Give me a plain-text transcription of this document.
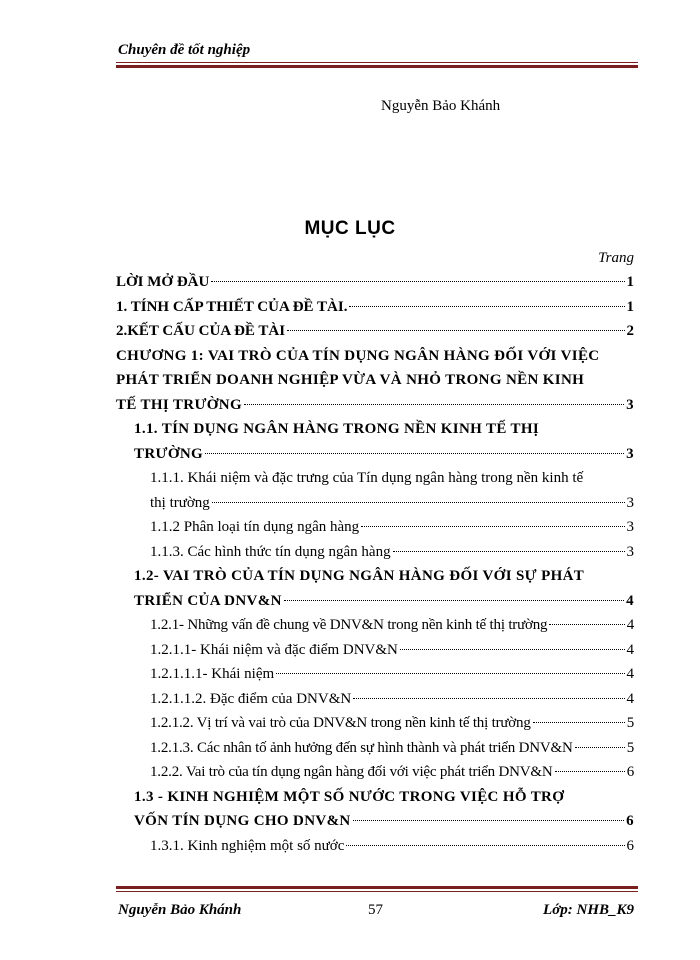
Chuyên đề tốt nghiệp
Nguyễn Bảo Khánh
MỤC LỤC
Trang
LỜI MỞ ĐẦU	1
1. TÍNH CẤP THIẾT CỦA ĐỀ TÀI.	1
2.KẾT CẤU CỦA ĐỀ TÀI	2
CHƯƠNG 1: VAI TRÒ CỦA TÍN DỤNG NGÂN HÀNG ĐỐI VỚI VIỆC
PHÁT TRIỂN DOANH NGHIỆP VỪA VÀ NHỎ TRONG NỀN KINH
TẾ THỊ TRƯỜNG	3
1.1. TÍN DỤNG NGÂN HÀNG TRONG NỀN KINH TẾ THỊ
TRƯỜNG	3
1.1.1. Khái niệm và đặc trưng của Tín dụng ngân hàng trong nền kinh tế
thị trường	3
1.1.2 Phân loại tín dụng ngân hàng	3
1.1.3. Các hình thức tín dụng ngân hàng	3
1.2- VAI TRÒ CỦA TÍN DỤNG NGÂN HÀNG ĐỐI VỚI SỰ PHÁT
TRIỂN CỦA DNV&N	4
1.2.1- Những vấn đề chung về DNV&N trong nền kinh tế thị trường	4
1.2.1.1- Khái niệm và đặc điểm DNV&N	4
1.2.1.1.1- Khái niệm	4
1.2.1.1.2. Đặc điểm của DNV&N	4
1.2.1.2. Vị trí và vai trò của DNV&N trong nền kinh tế thị trường	5
1.2.1.3. Các nhân tố ảnh hưởng đến sự hình thành và phát triển DNV&N	5
1.2.2. Vai trò của tín dụng ngân hàng đối với việc phát triển DNV&N	6
1.3 - KINH NGHIỆM MỘT SỐ NƯỚC TRONG VIỆC HỖ TRỢ
VỐN TÍN DỤNG CHO DNV&N	6
1.3.1. Kinh nghiệm một số nước	6
Nguyễn Bảo Khánh	57	Lớp: NHB_K9
